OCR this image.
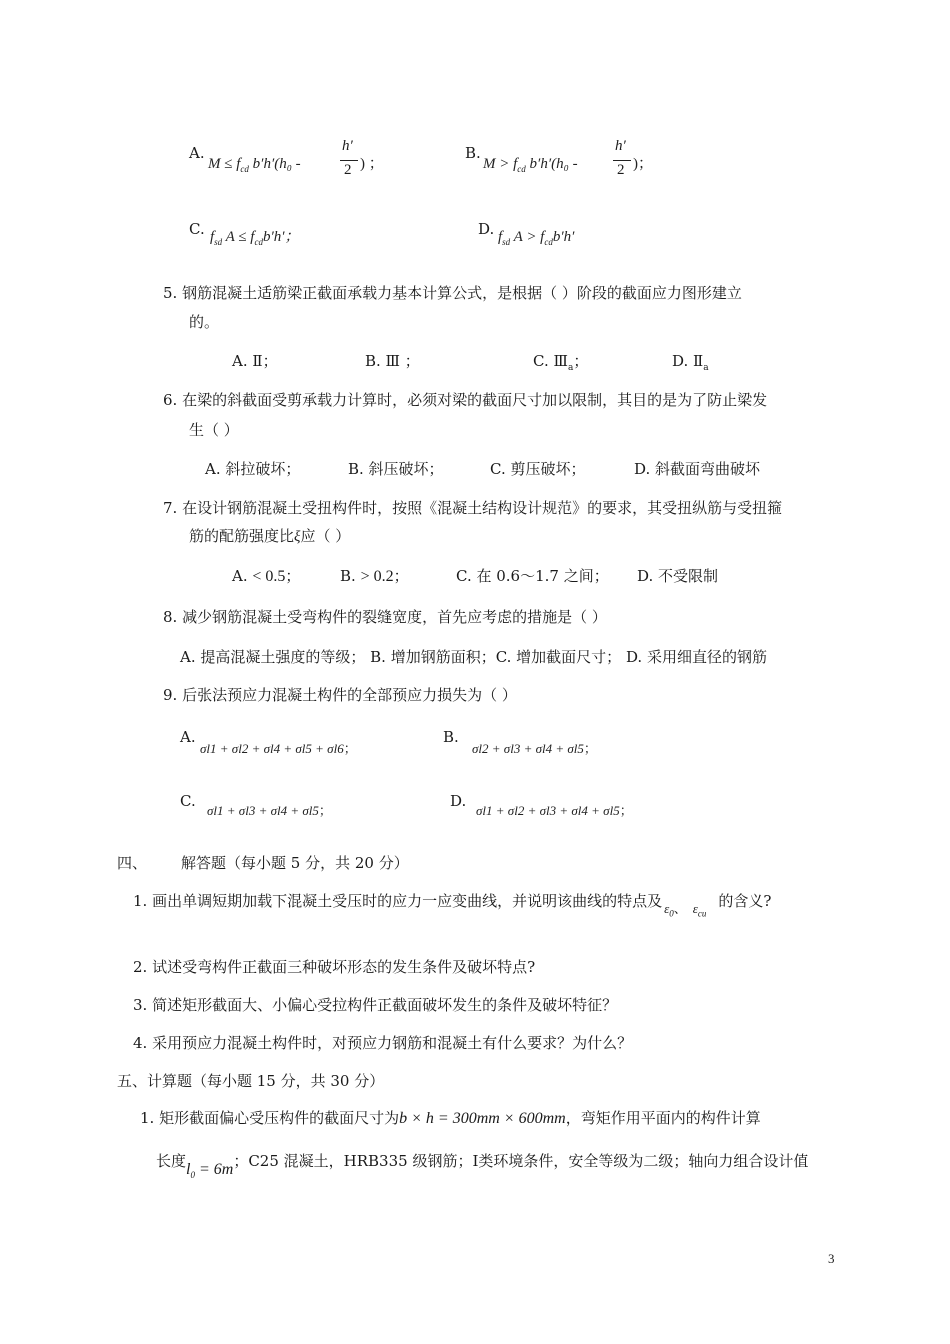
A.
$M \le f_{cd}$ b′h′(h₀ -
h′
2 ) ；
B.
$M > f_{cd}$ b′h′(h₀ -
h′
2 )；
C. $f_{sd}$ $A \le f_{cd}b'h'$；	D. $f_{sd}$ $A > f_{cd}b'h'$
5. 钢筋混凝土适筋梁正截面承载力基本计算公式，是根据（ ）阶段的截面应力图形建立
的。
A. Ⅱ；	B. Ⅲ ；	C. $Ⅲ_a$；	D. $Ⅱ_a$
6. 在梁的斜截面受剪承载力计算时，必须对梁的截面尺寸加以限制，其目的是为了防止梁发
生（ ）
A. 斜拉破坏；	B. 斜压破坏；	C. 剪压破坏；	D. 斜截面弯曲破坏
7. 在设计钢筋混凝土受扭构件时，按照《混凝土结构设计规范》的要求，其受扭纵筋与受扭箍
筋的配筋强度比ξ应（ ）
A. < 0.5；	B. > 0.2；	C. 在 0.6～1.7 之间； D. 不受限制
8. 减少钢筋混凝土受弯构件的裂缝宽度，首先应考虑的措施是（ ）
A. 提高混凝土强度的等级； B. 增加钢筋面积；C. 增加截面尺寸； D. 采用细直径的钢筋
9. 后张法预应力混凝土构件的全部预应力损失为（ ）
A.
σl1 + σl2 + σl4 + σl5 + σl6；
B.
σl2 + σl3 + σl4 + σl5；
C.
σl1 + σl3 + σl4 + σl5；
D.
σl1 + σl2 + σl3 + σl4 + σl5；
四、 解答题（每小题 5 分，共 20 分）
1. 画出单调短期加载下混凝土受压时的应力一应变曲线，并说明该曲线的特点及 $\varepsilon_0$、 $\varepsilon_{cu}$的含义?
2. 试述受弯构件正截面三种破坏形态的发生条件及破坏特点?
3. 简述矩形截面大、小偏心受拉构件正截面破坏发生的条件及破坏特征？
4. 采用预应力混凝土构件时，对预应力钢筋和混凝土有什么要求？为什么？
五、计算题（每小题 15 分，共 30 分）
1. 矩形截面偏心受压构件的截面尺寸为b × h = 300mm × 600mm，弯矩作用平面内的构件计算
长度$l_0 = 6m$；C25 混凝土，HRB335 级钢筋；Ⅰ类环境条件，安全等级为二级；轴向力组合设计值
3
